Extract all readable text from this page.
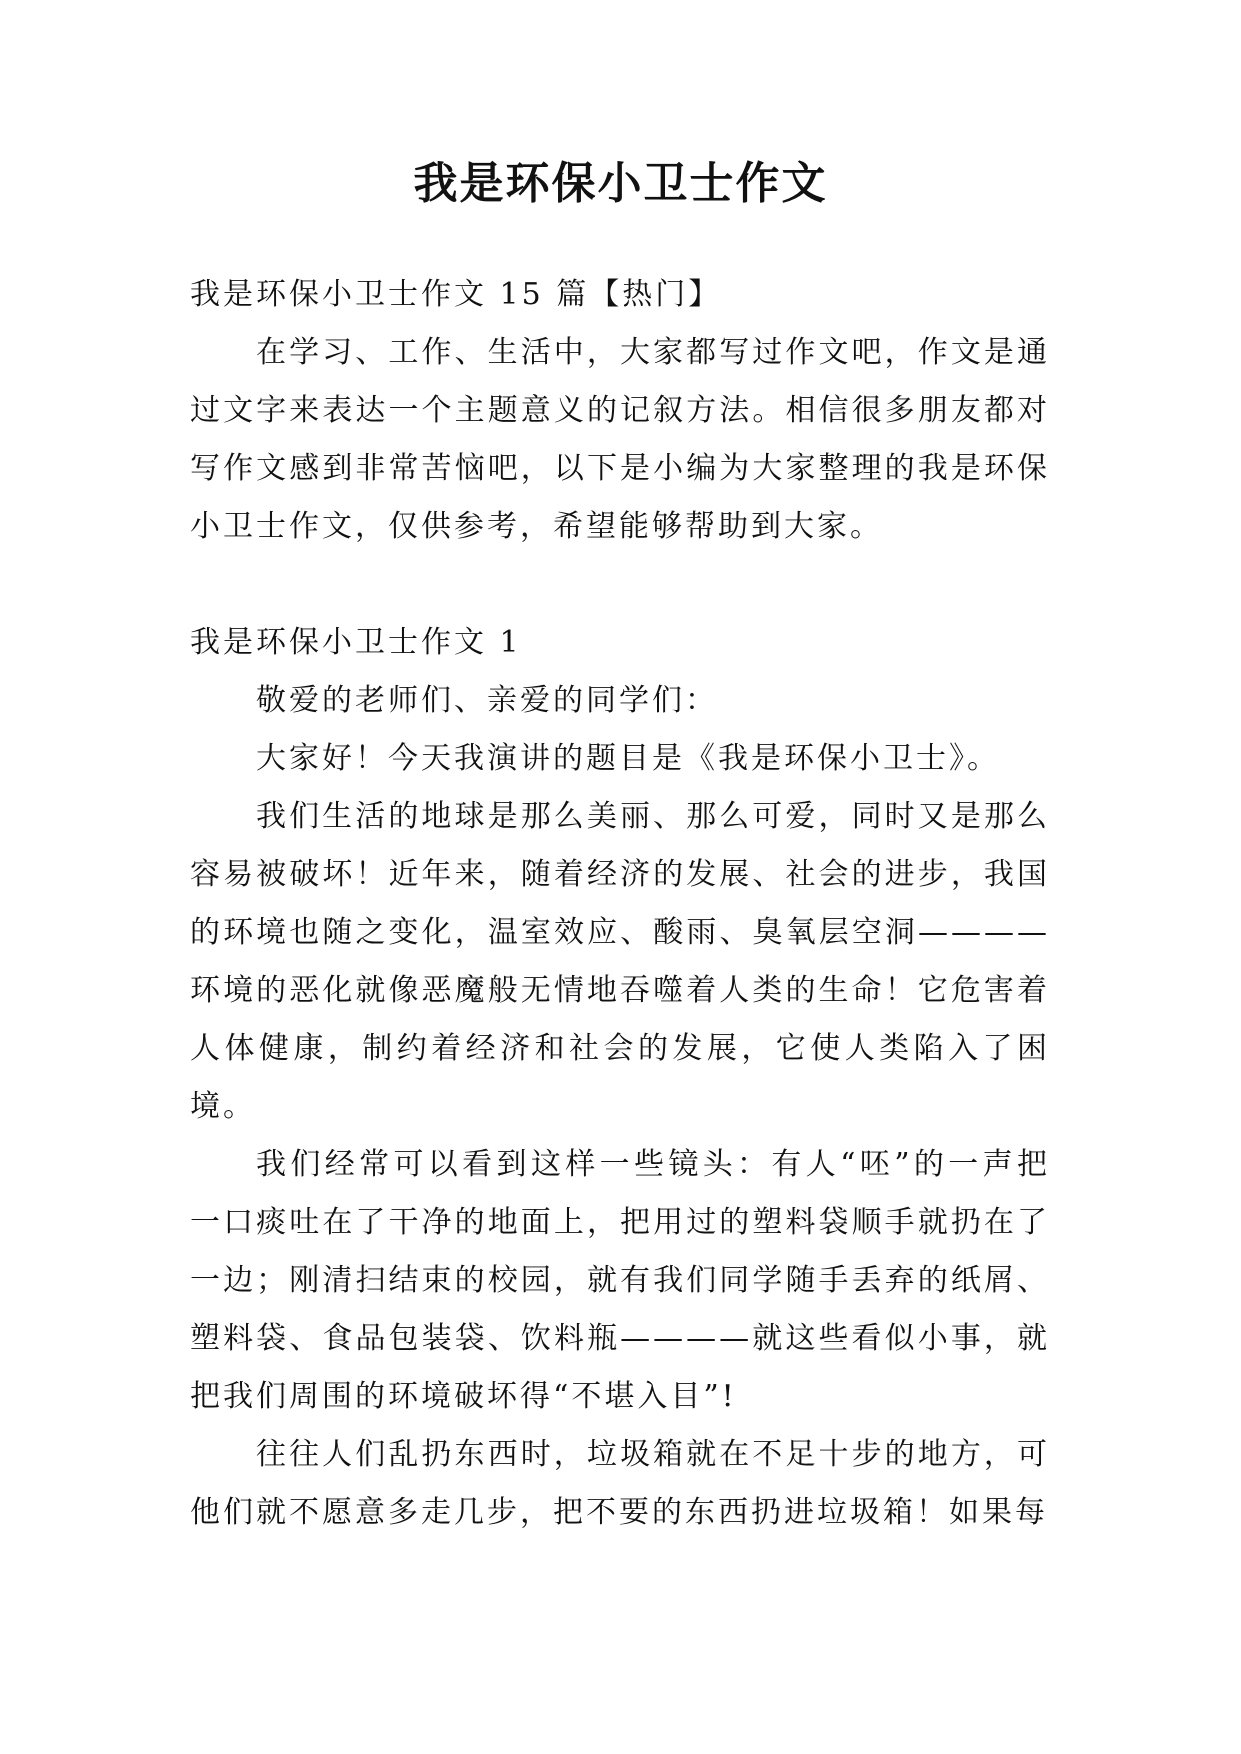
我是环保小卫士作文

我是环保小卫士作文 15 篇【热门】

在学习、工作、生活中，大家都写过作文吧，作文是通过文字来表达一个主题意义的记叙方法。相信很多朋友都对写作文感到非常苦恼吧，以下是小编为大家整理的我是环保小卫士作文，仅供参考，希望能够帮助到大家。

我是环保小卫士作文 1

敬爱的老师们、亲爱的同学们：

大家好！今天我演讲的题目是《我是环保小卫士》。

我们生活的地球是那么美丽、那么可爱，同时又是那么容易被破坏！近年来，随着经济的发展、社会的进步，我国的环境也随之变化，温室效应、酸雨、臭氧层空洞————环境的恶化就像恶魔般无情地吞噬着人类的生命！它危害着人体健康，制约着经济和社会的发展，它使人类陷入了困境。

我们经常可以看到这样一些镜头：有人“呸”的一声把一口痰吐在了干净的地面上，把用过的塑料袋顺手就扔在了一边；刚清扫结束的校园，就有我们同学随手丢弃的纸屑、塑料袋、食品包装袋、饮料瓶————就这些看似小事，就把我们周围的环境破坏得“不堪入目”!

往往人们乱扔东西时，垃圾箱就在不足十步的地方，可他们就不愿意多走几步，把不要的东西扔进垃圾箱！如果每
